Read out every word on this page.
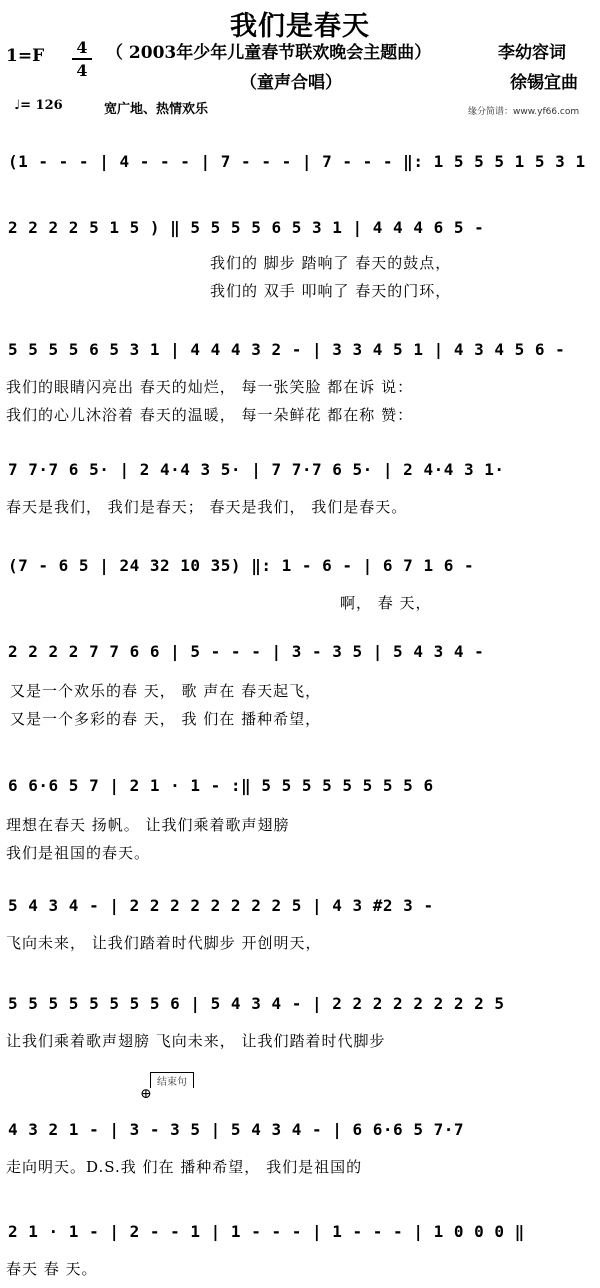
我们是春天
1=F 4
4
（ 2003年少年儿童春节联欢晚会主题曲）
（童声合唱）
李幼容词
徐锡宜曲
♩= 126	宽广地、热情欢乐	缘分简谱：www.yf66.com
(1 - - - | 4 - - - | 7 - - - | 7 - - - ‖: 1 5 5 5 1 5 3 1
2 2 2 2 5 1 5 ) ‖ 5 5 5 5 6 5 3 1 | 4 4 4 6 5 -
我们的 脚步 踏响了 春天的鼓点，
我们的 双手 叩响了 春天的门环，
5 5 5 5 6 5 3 1 | 4 4 4 3 2 - | 3 3 4 5 1 | 4 3 4 5 6 -
我们的眼睛闪亮出 春天的灿烂， 每一张笑脸 都在诉 说：
我们的心儿沐浴着 春天的温暖， 每一朵鲜花 都在称 赞：
7 7·7 6 5· | 2 4·4 3 5· | 7 7·7 6 5· | 2 4·4 3 1·
春天是我们， 我们是春天； 春天是我们， 我们是春天。
(7 - 6 5 | 24 32 10 35) ‖: 1 - 6 - | 6 7 1 6 -
啊， 春 天，
2 2 2 2 7 7 6 6 | 5 - - - | 3 - 3 5 | 5 4 3 4 -
又是一个欢乐的春 天， 歌 声在 春天起飞，
又是一个多彩的春 天， 我 们在 播种希望，
6 6·6 5 7 | 2 1 · 1 - :‖ 5 5 5 5 5 5 5 5 6
理想在春天 扬帆。 让我们乘着歌声翅膀
我们是祖国的春天。
5 4 3 4 - | 2 2 2 2 2 2 2 2 5 | 4 3 #2 3 -
飞向未来， 让我们踏着时代脚步 开创明天，
5 5 5 5 5 5 5 5 6 | 5 4 3 4 - | 2 2 2 2 2 2 2 2 5
让我们乘着歌声翅膀 飞向未来， 让我们踏着时代脚步
结束句
⊕
4 3 2 1 - | 3 - 3 5 | 5 4 3 4 - | 6 6·6 5 7·7
走向明天。D.S.我 们在 播种希望， 我们是祖国的
2 1 · 1 - | 2 - - 1 | 1 - - - | 1 - - - | 1 0 0 0 ‖
春天 春 天。
